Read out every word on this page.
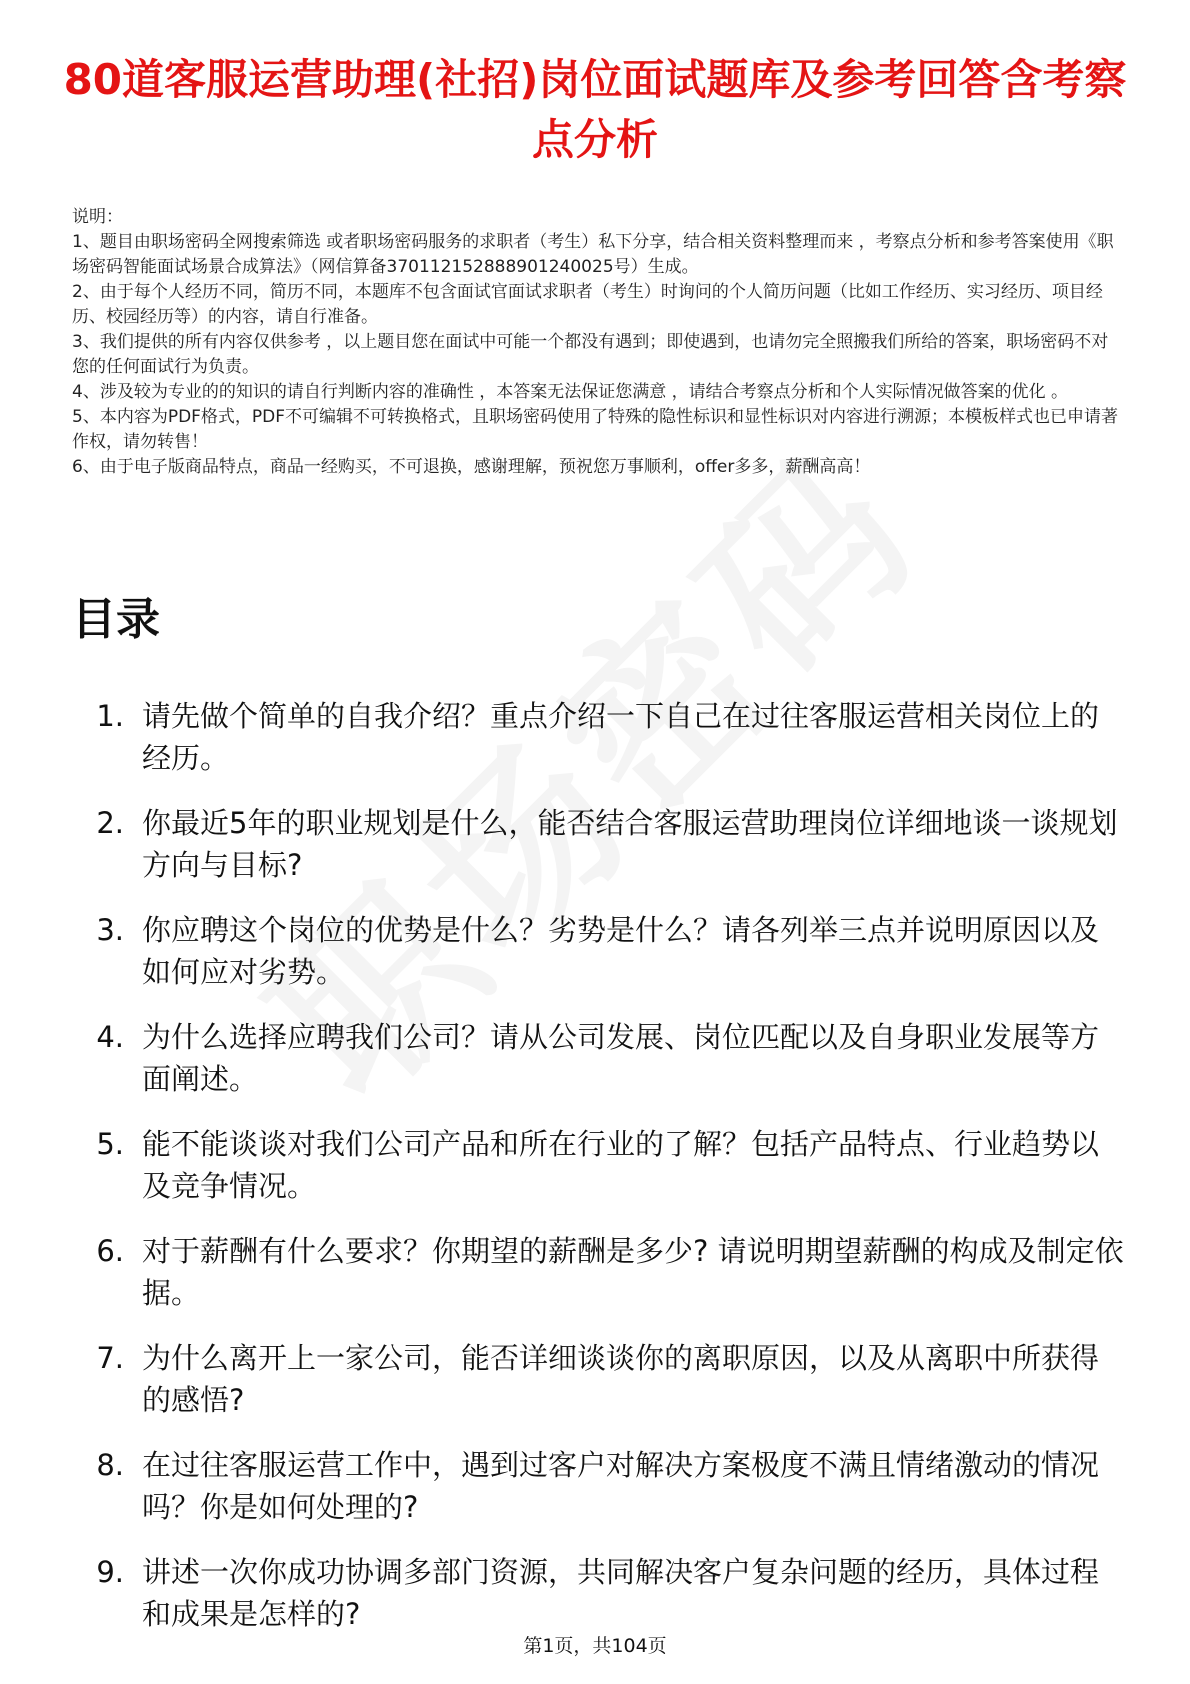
80道客服运营助理(社招)岗位面试题库及参考回答含考察点分析

说明：

1、题目由职场密码全网搜索筛选 或者职场密码服务的求职者（考生）私下分享，结合相关资料整理而来 ，考察点分析和参考答案使用《职场密码智能面试场景合成算法》（网信算备370112152888901240025号）生成。

2、由于每个人经历不同，简历不同，本题库不包含面试官面试求职者（考生）时询问的个人简历问题（比如工作经历、实习经历、项目经历、校园经历等）的内容，请自行准备。

3、我们提供的所有内容仅供参考 ，以上题目您在面试中可能一个都没有遇到；即使遇到，也请勿完全照搬我们所给的答案，职场密码不对您的任何面试行为负责。

4、涉及较为专业的的知识的请自行判断内容的准确性 ，本答案无法保证您满意 ，请结合考察点分析和个人实际情况做答案的优化 。

5、本内容为PDF格式，PDF不可编辑不可转换格式，且职场密码使用了特殊的隐性标识和显性标识对内容进行溯源；本模板样式也已申请著作权，请勿转售！

6、由于电子版商品特点，商品一经购买，不可退换，感谢理解，预祝您万事顺利，offer多多，薪酬高高！

目录
1. 请先做个简单的自我介绍？重点介绍一下自己在过往客服运营相关岗位上的经历。
2. 你最近5年的职业规划是什么，能否结合客服运营助理岗位详细地谈一谈规划方向与目标?
3. 你应聘这个岗位的优势是什么？劣势是什么？请各列举三点并说明原因以及如何应对劣势。
4. 为什么选择应聘我们公司？请从公司发展、岗位匹配以及自身职业发展等方面阐述。
5. 能不能谈谈对我们公司产品和所在行业的了解？包括产品特点、行业趋势以及竞争情况。
6. 对于薪酬有什么要求？你期望的薪酬是多少? 请说明期望薪酬的构成及制定依据。
7. 为什么离开上一家公司，能否详细谈谈你的离职原因，以及从离职中所获得的感悟?
8. 在过往客服运营工作中，遇到过客户对解决方案极度不满且情绪激动的情况吗？你是如何处理的?
9. 讲述一次你成功协调多部门资源，共同解决客户复杂问题的经历，具体过程和成果是怎样的?
第1页，共104页
